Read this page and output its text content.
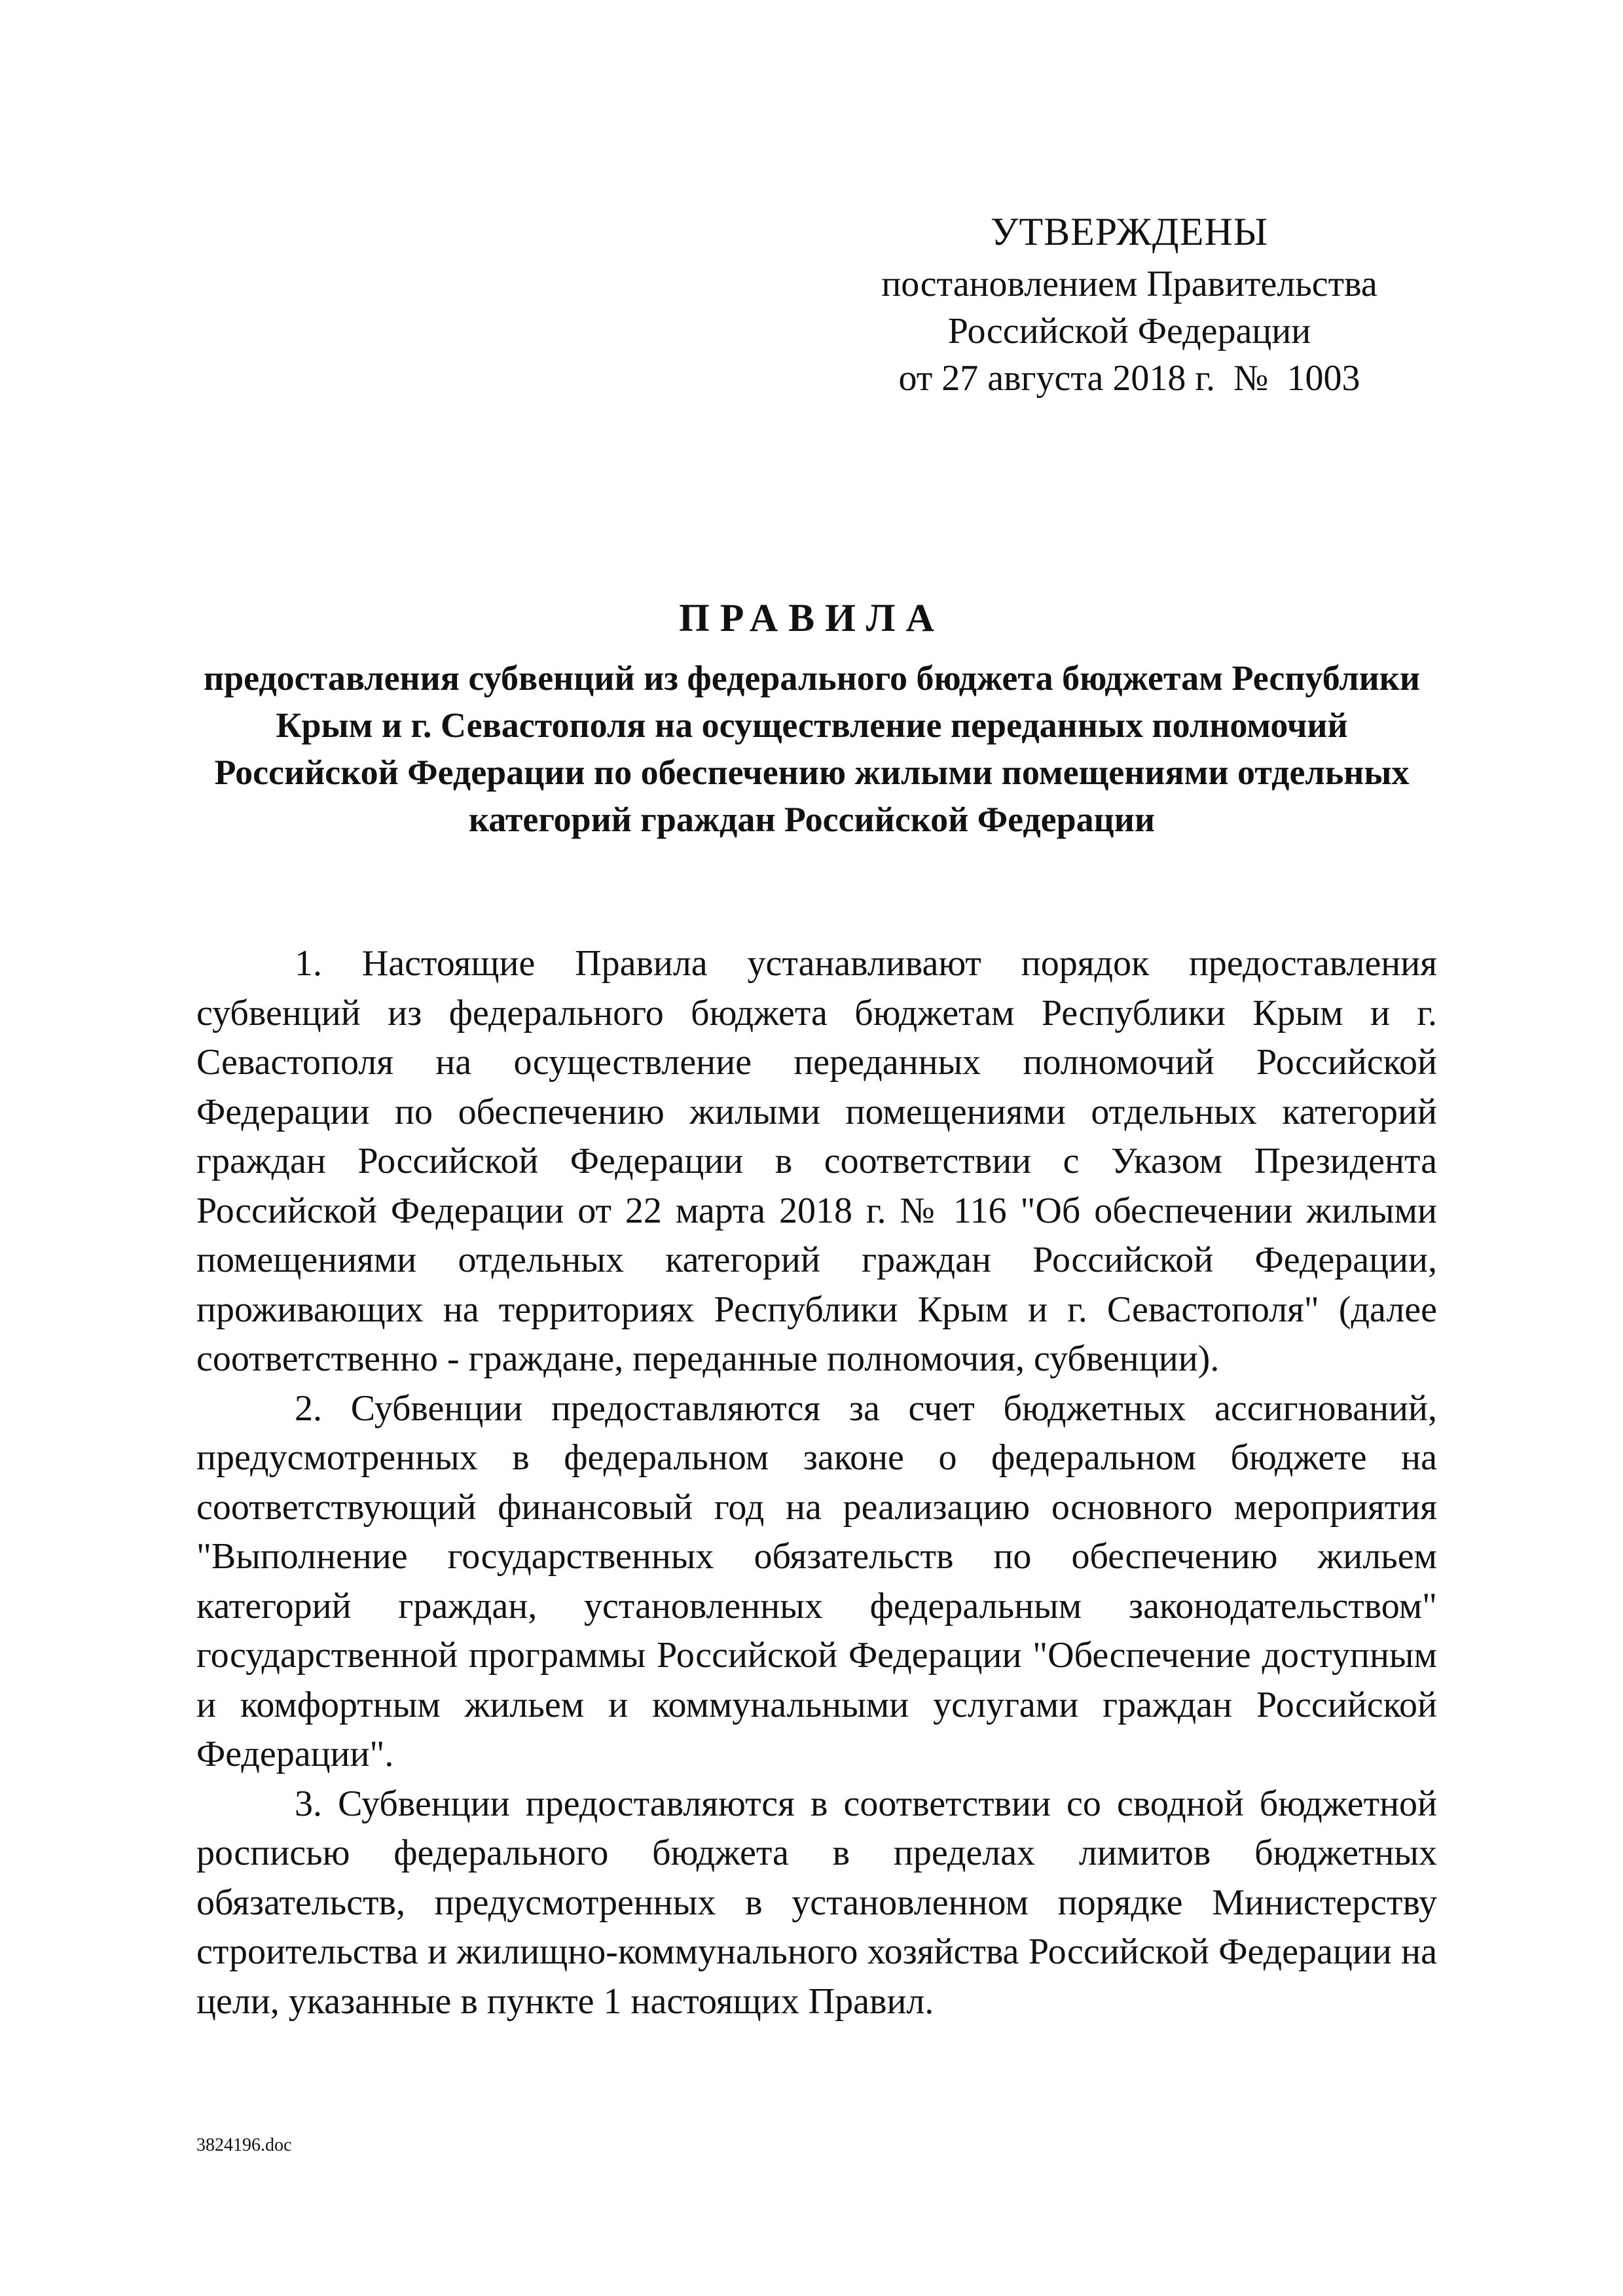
УТВЕРЖДЕНЫ
постановлением Правительства
Российской Федерации
от 27 августа 2018 г.  №  1003
ПРАВИЛА
предоставления субвенций из федерального бюджета бюджетам Республики Крым и г. Севастополя на осуществление переданных полномочий Российской Федерации по обеспечению жилыми помещениями отдельных категорий граждан Российской Федерации

1. Настоящие Правила устанавливают порядок предоставления субвенций из федерального бюджета бюджетам Республики Крым и г. Севастополя на осуществление переданных полномочий Российской Федерации по обеспечению жилыми помещениями отдельных категорий граждан Российской Федерации в соответствии с Указом Президента Российской Федерации от 22 марта 2018 г. № 116 "Об обеспечении жилыми помещениями отдельных категорий граждан Российской Федерации, проживающих на территориях Республики Крым и г. Севастополя" (далее соответственно - граждане, переданные полномочия, субвенции).

2. Субвенции предоставляются за счет бюджетных ассигнований, предусмотренных в федеральном законе о федеральном бюджете на соответствующий финансовый год на реализацию основного мероприятия "Выполнение государственных обязательств по обеспечению жильем категорий граждан, установленных федеральным законодательством" государственной программы Российской Федерации "Обеспечение доступным и комфортным жильем и коммунальными услугами граждан Российской Федерации".

3. Субвенции предоставляются в соответствии со сводной бюджетной росписью федерального бюджета в пределах лимитов бюджетных обязательств, предусмотренных в установленном порядке Министерству строительства и жилищно-коммунального хозяйства Российской Федерации на цели, указанные в пункте 1 настоящих Правил.

3824196.doc
